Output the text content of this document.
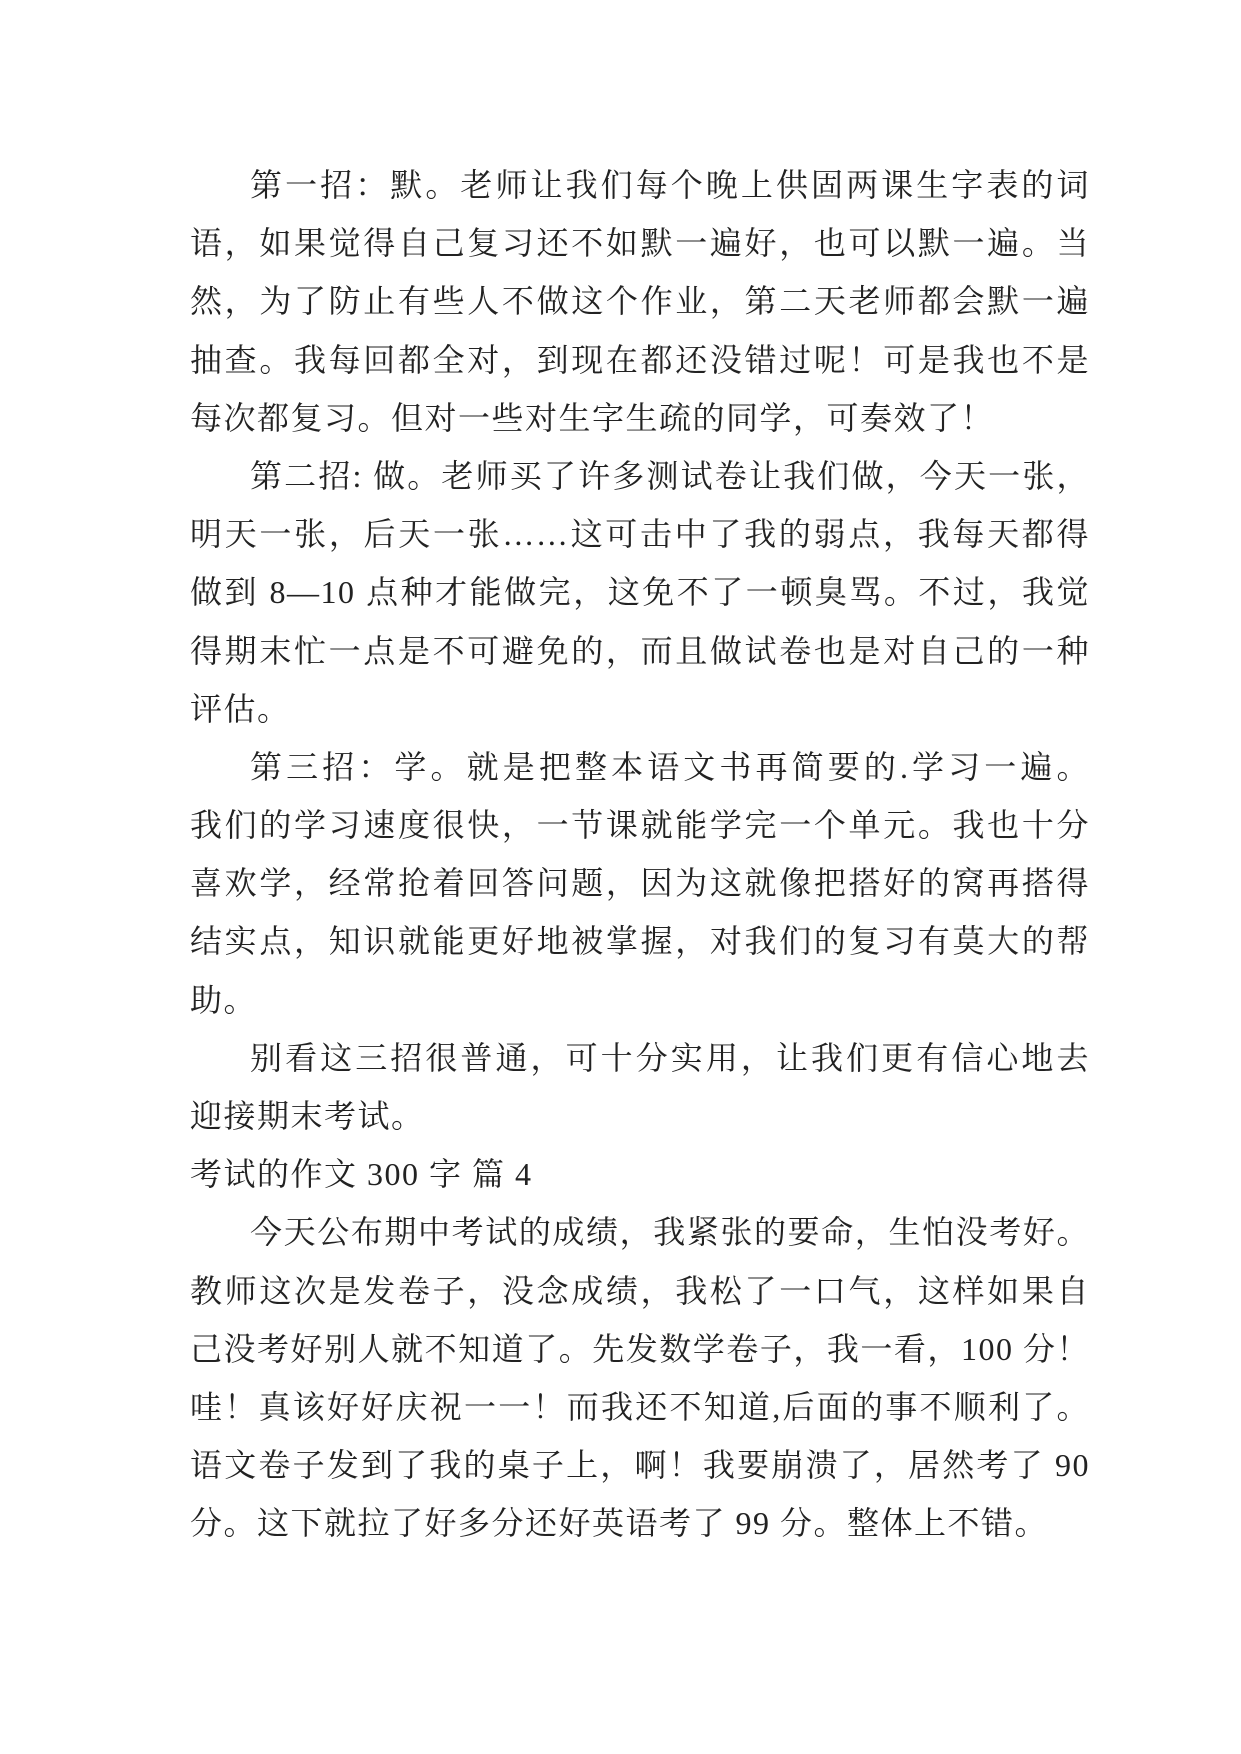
第一招：默。老师让我们每个晚上供固两课生字表的词
语，如果觉得自己复习还不如默一遍好，也可以默一遍。当
然，为了防止有些人不做这个作业，第二天老师都会默一遍
抽查。我每回都全对，到现在都还没错过呢！可是我也不是
每次都复习。但对一些对生字生疏的同学，可奏效了！
第二招: 做。老师买了许多测试卷让我们做，今天一张，
明天一张，后天一张……这可击中了我的弱点，我每天都得
做到 8—10 点种才能做完，这免不了一顿臭骂。不过，我觉
得期末忙一点是不可避免的，而且做试卷也是对自己的一种
评估。
第三招：学。就是把整本语文书再简要的.学习一遍。
我们的学习速度很快，一节课就能学完一个单元。我也十分
喜欢学，经常抢着回答问题，因为这就像把搭好的窝再搭得
结实点，知识就能更好地被掌握，对我们的复习有莫大的帮
助。
别看这三招很普通，可十分实用，让我们更有信心地去
迎接期末考试。
考试的作文 300 字 篇 4
今天公布期中考试的成绩，我紧张的要命，生怕没考好。
教师这次是发卷子，没念成绩，我松了一口气，这样如果自
己没考好别人就不知道了。先发数学卷子，我一看，100 分！
哇！真该好好庆祝一一！而我还不知道,后面的事不顺利了。
语文卷子发到了我的桌子上，啊！我要崩溃了，居然考了 90
分。这下就拉了好多分还好英语考了 99 分。整体上不错。
